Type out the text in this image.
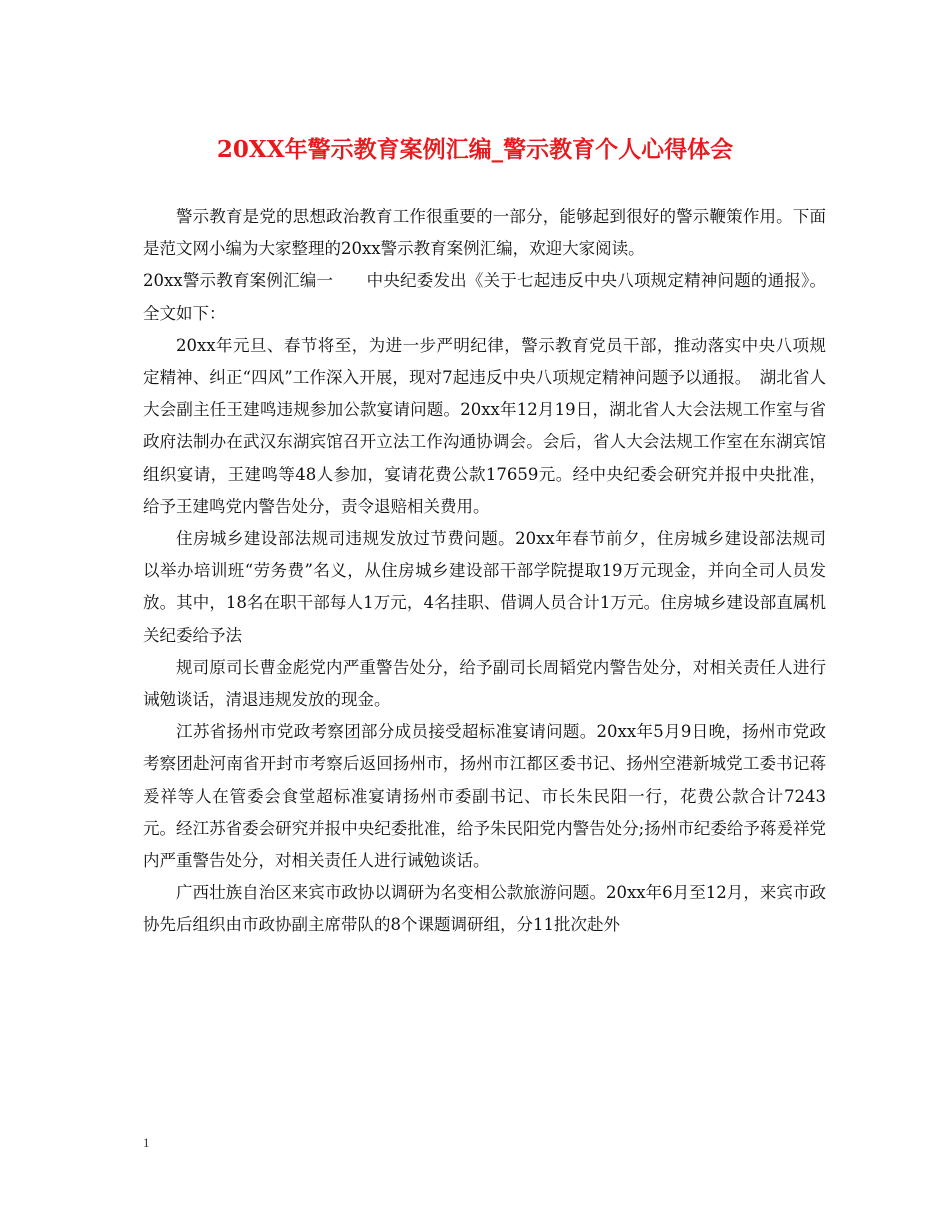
20XX年警示教育案例汇编_警示教育个人心得体会

警示教育是党的思想政治教育工作很重要的一部分，能够起到很好的警示鞭策作用。下面是范文网小编为大家整理的20xx警示教育案例汇编，欢迎大家阅读。

20xx警示教育案例汇编一　　中央纪委发出《关于七起违反中央八项规定精神问题的通报》。全文如下：

20xx年元旦、春节将至，为进一步严明纪律，警示教育党员干部，推动落实中央八项规定精神、纠正“四风”工作深入开展，现对7起违反中央八项规定精神问题予以通报。　湖北省人大会副主任王建鸣违规参加公款宴请问题。20xx年12月19日，湖北省人大会法规工作室与省政府法制办在武汉东湖宾馆召开立法工作沟通协调会。会后，省人大会法规工作室在东湖宾馆组织宴请，王建鸣等48人参加，宴请花费公款17659元。经中央纪委会研究并报中央批准，给予王建鸣党内警告处分，责令退赔相关费用。

住房城乡建设部法规司违规发放过节费问题。20xx年春节前夕，住房城乡建设部法规司以举办培训班“劳务费”名义，从住房城乡建设部干部学院提取19万元现金，并向全司人员发放。其中，18名在职干部每人1万元，4名挂职、借调人员合计1万元。住房城乡建设部直属机关纪委给予法

规司原司长曹金彪党内严重警告处分，给予副司长周韬党内警告处分，对相关责任人进行诫勉谈话，清退违规发放的现金。

江苏省扬州市党政考察团部分成员接受超标准宴请问题。20xx年5月9日晚，扬州市党政考察团赴河南省开封市考察后返回扬州市，扬州市江都区委书记、扬州空港新城党工委书记蒋爰祥等人在管委会食堂超标准宴请扬州市委副书记、市长朱民阳一行，花费公款合计7243元。经江苏省委会研究并报中央纪委批准，给予朱民阳党内警告处分;扬州市纪委给予蒋爰祥党内严重警告处分，对相关责任人进行诫勉谈话。

广西壮族自治区来宾市政协以调研为名变相公款旅游问题。20xx年6月至12月，来宾市政协先后组织由市政协副主席带队的8个课题调研组，分11批次赴外

1
